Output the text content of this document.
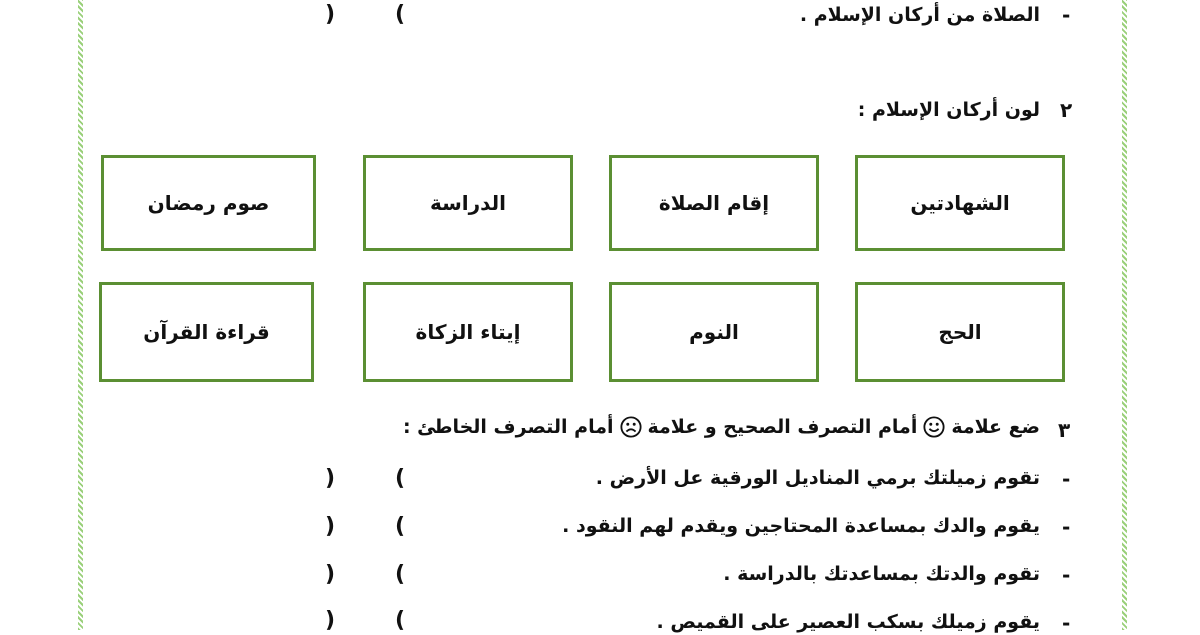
-
الصلاة من أركان الإسلام .
(
)
٢
لون أركان الإسلام :
الشهادتين
إقام الصلاة
الدراسة
صوم رمضان
الحج
النوم
إيتاء الزكاة
قراءة القرآن
٣
ضع علامة
أمام التصرف الصحيح و علامة
أمام التصرف الخاطئ :
-
تقوم زميلتك برمي المناديل الورقية عل الأرض .
(
)
-
يقوم والدك بمساعدة المحتاجين ويقدم لهم النقود .
(
)
-
تقوم والدتك بمساعدتك بالدراسة .
(
)
-
يقوم زميلك بسكب العصير على القميص .
(
)
